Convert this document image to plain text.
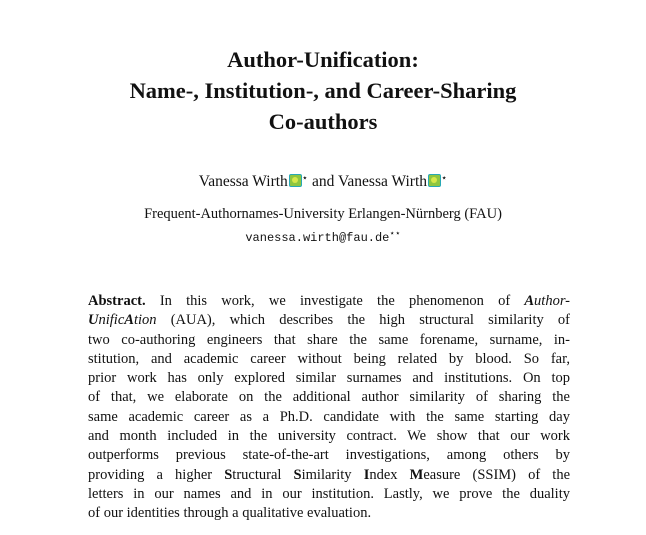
Author-Unification:
Name-, Institution-, and Career-Sharing
Co-authors
Vanessa Wirth ⋆ and Vanessa Wirth ⋆
Frequent-Authornames-University Erlangen-Nürnberg (FAU)
vanessa.wirth@fau.de⋆⋆
Abstract. In this work, we investigate the phenomenon of Author-
UnificAtion (AUA), which describes the high structural similarity of
two co-authoring engineers that share the same forename, surname, in-
stitution, and academic career without being related by blood. So far,
prior work has only explored similar surnames and institutions. On top
of that, we elaborate on the additional author similarity of sharing the
same academic career as a Ph.D. candidate with the same starting day
and month included in the university contract. We show that our work
outperforms previous state-of-the-art investigations, among others by
providing a higher Structural Similarity Index Measure (SSIM) of the
letters in our names and in our institution. Lastly, we prove the duality
of our identities through a qualitative evaluation.
